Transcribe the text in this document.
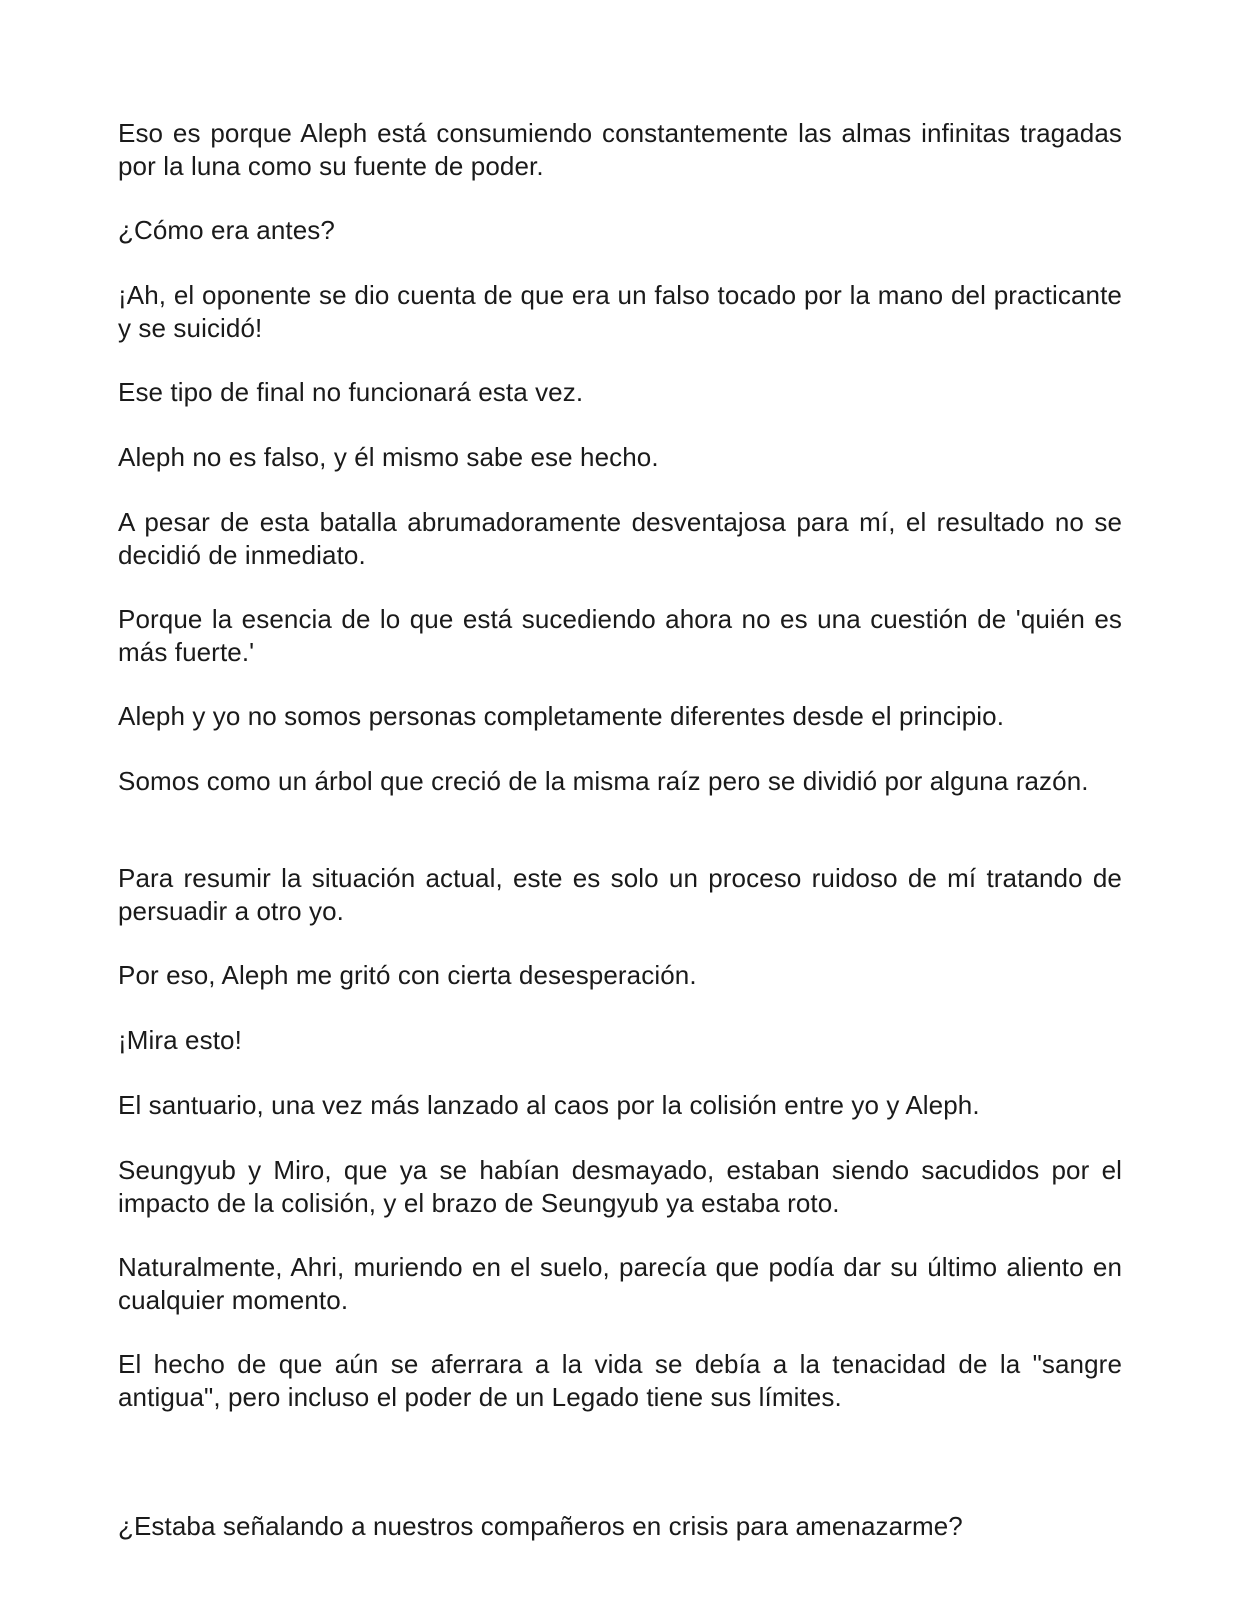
Eso es porque Aleph está consumiendo constantemente las almas infinitas tragadas por la luna como su fuente de poder.

¿Cómo era antes?

¡Ah, el oponente se dio cuenta de que era un falso tocado por la mano del practicante y se suicidó!

Ese tipo de final no funcionará esta vez.

Aleph no es falso, y él mismo sabe ese hecho.

A pesar de esta batalla abrumadoramente desventajosa para mí, el resultado no se decidió de inmediato.

Porque la esencia de lo que está sucediendo ahora no es una cuestión de 'quién es más fuerte.'

Aleph y yo no somos personas completamente diferentes desde el principio.

Somos como un árbol que creció de la misma raíz pero se dividió por alguna razón.

Para resumir la situación actual, este es solo un proceso ruidoso de mí tratando de persuadir a otro yo.

Por eso, Aleph me gritó con cierta desesperación.

¡Mira esto!

El santuario, una vez más lanzado al caos por la colisión entre yo y Aleph.

Seungyub y Miro, que ya se habían desmayado, estaban siendo sacudidos por el impacto de la colisión, y el brazo de Seungyub ya estaba roto.

Naturalmente, Ahri, muriendo en el suelo, parecía que podía dar su último aliento en cualquier momento.

El hecho de que aún se aferrara a la vida se debía a la tenacidad de la "sangre antigua", pero incluso el poder de un Legado tiene sus límites.

¿Estaba señalando a nuestros compañeros en crisis para amenazarme?
